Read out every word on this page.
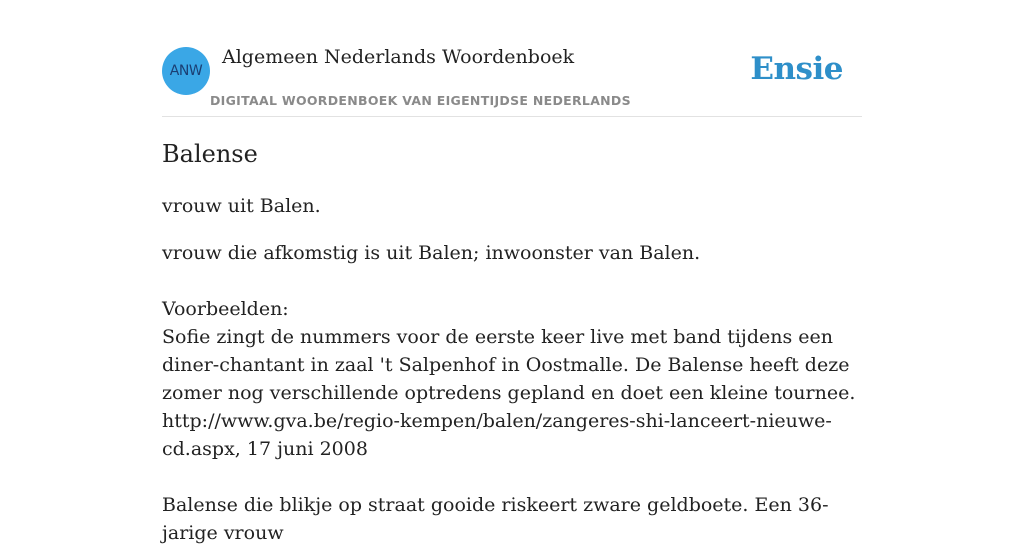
ANW
Algemeen Nederlands Woordenboek
DIGITAAL WOORDENBOEK VAN EIGENTIJDSE NEDERLANDS
Ensie
Balense

vrouw uit Balen.

vrouw die afkomstig is uit Balen; inwoonster van Balen.

Voorbeelden:

Sofie zingt de nummers voor de eerste keer live met band tijdens een diner-chantant in zaal 't Salpenhof in Oostmalle. De Balense heeft deze zomer nog verschillende optredens gepland en doet een kleine tournee.

http://www.gva.be/regio-kempen/balen/zangeres-shi-lanceert-nieuwe-cd.aspx, 17 juni 2008

Balense die blikje op straat gooide riskeert zware geldboete. Een 36-jarige vrouw
